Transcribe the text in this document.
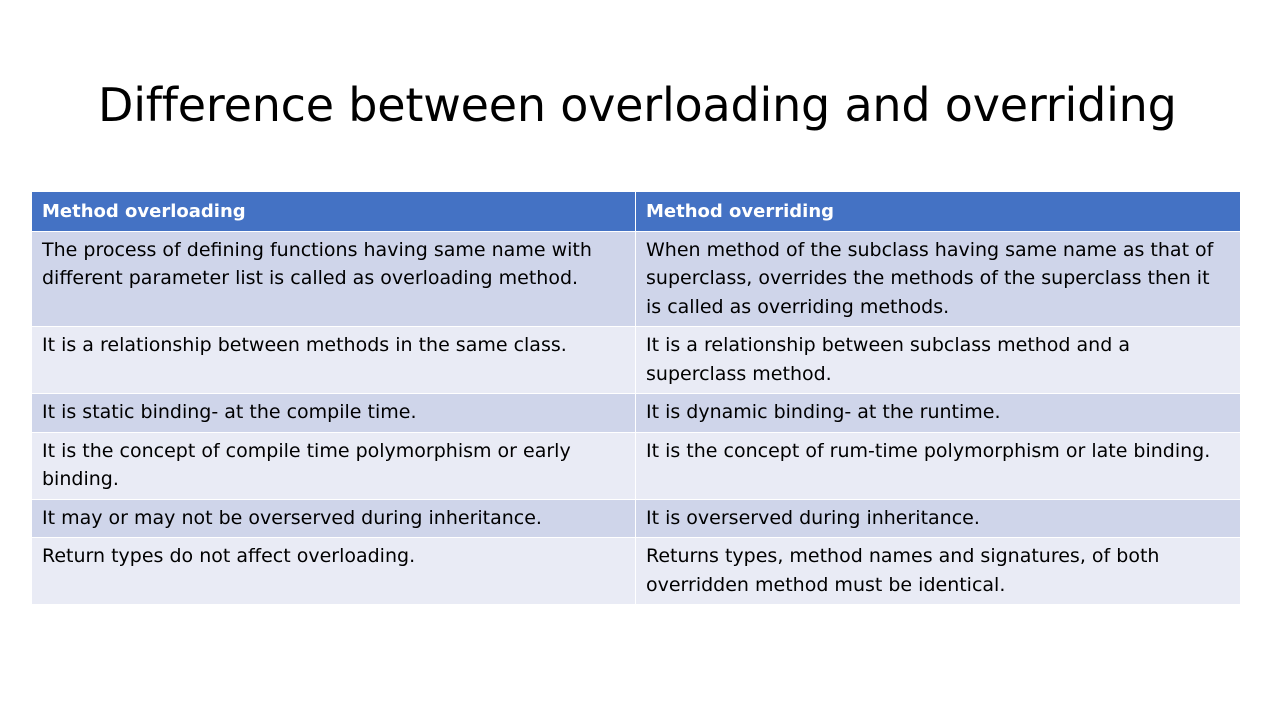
Difference between overloading and overriding
Method overloading	Method overriding
The process of defining functions having same name with different parameter list is called as overloading method.	When method of the subclass having same name as that of superclass, overrides the methods of the superclass then it is called as overriding methods.
It is a relationship between methods in the same class.	It is a relationship between subclass method and a superclass method.
It is static binding- at the compile time.	It is dynamic binding- at the runtime.
It is the concept of compile time polymorphism or early binding.	It is the concept of rum-time polymorphism or late binding.
It may or may not be overserved during inheritance.	It is overserved during inheritance.
Return types do not affect overloading.	Returns types, method names and signatures, of both overridden method must be identical.
